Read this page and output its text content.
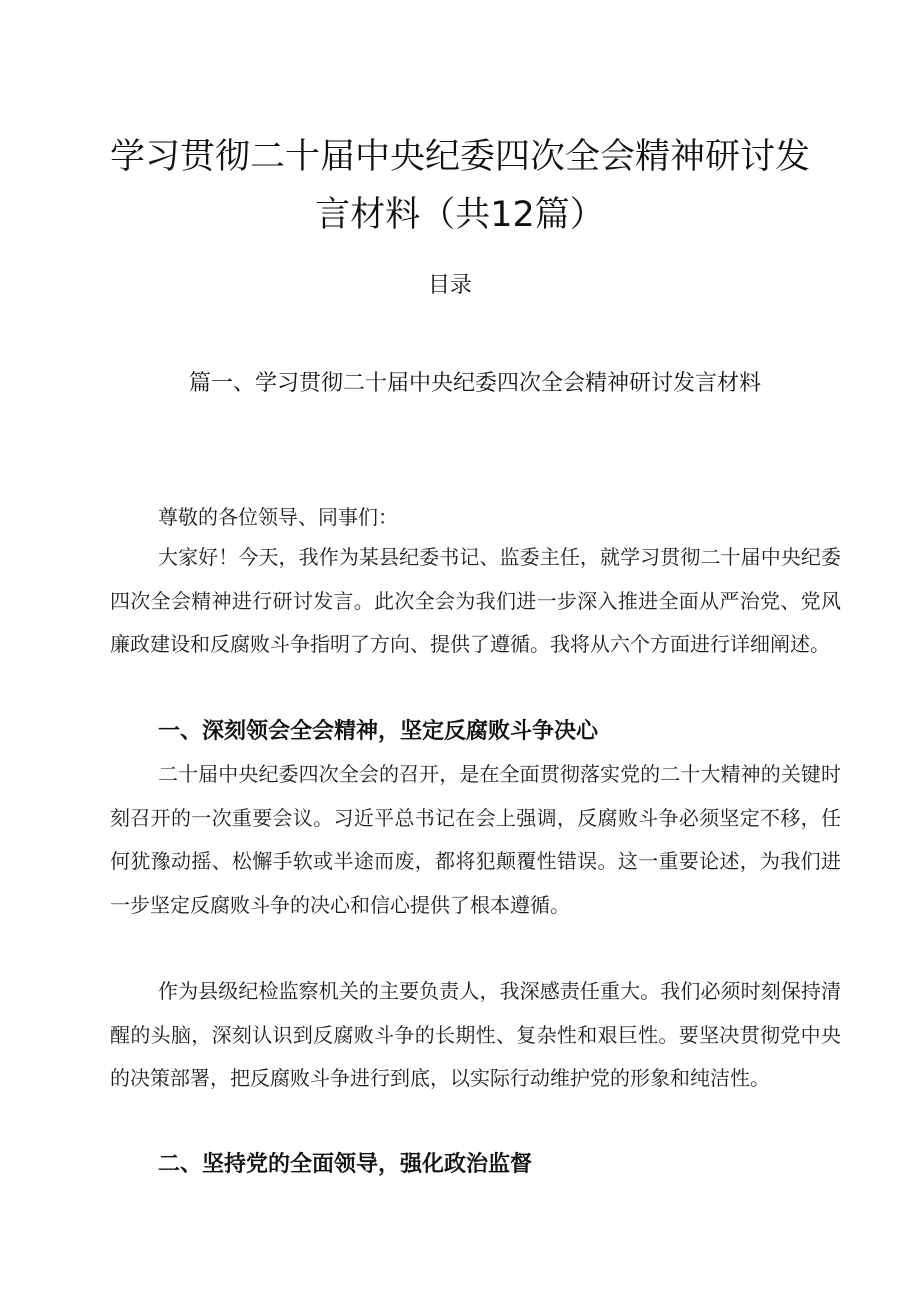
学习贯彻二十届中央纪委四次全会精神研讨发言材料（共12篇）
目录
篇一、学习贯彻二十届中央纪委四次全会精神研讨发言材料

尊敬的各位领导、同事们：

大家好！今天，我作为某县纪委书记、监委主任，就学习贯彻二十届中央纪委四次全会精神进行研讨发言。此次全会为我们进一步深入推进全面从严治党、党风廉政建设和反腐败斗争指明了方向、提供了遵循。我将从六个方面进行详细阐述。

一、深刻领会全会精神，坚定反腐败斗争决心

二十届中央纪委四次全会的召开，是在全面贯彻落实党的二十大精神的关键时刻召开的一次重要会议。习近平总书记在会上强调，反腐败斗争必须坚定不移，任何犹豫动摇、松懈手软或半途而废，都将犯颠覆性错误。这一重要论述，为我们进一步坚定反腐败斗争的决心和信心提供了根本遵循。

作为县级纪检监察机关的主要负责人，我深感责任重大。我们必须时刻保持清醒的头脑，深刻认识到反腐败斗争的长期性、复杂性和艰巨性。要坚决贯彻党中央的决策部署，把反腐败斗争进行到底，以实际行动维护党的形象和纯洁性。

二、坚持党的全面领导，强化政治监督
